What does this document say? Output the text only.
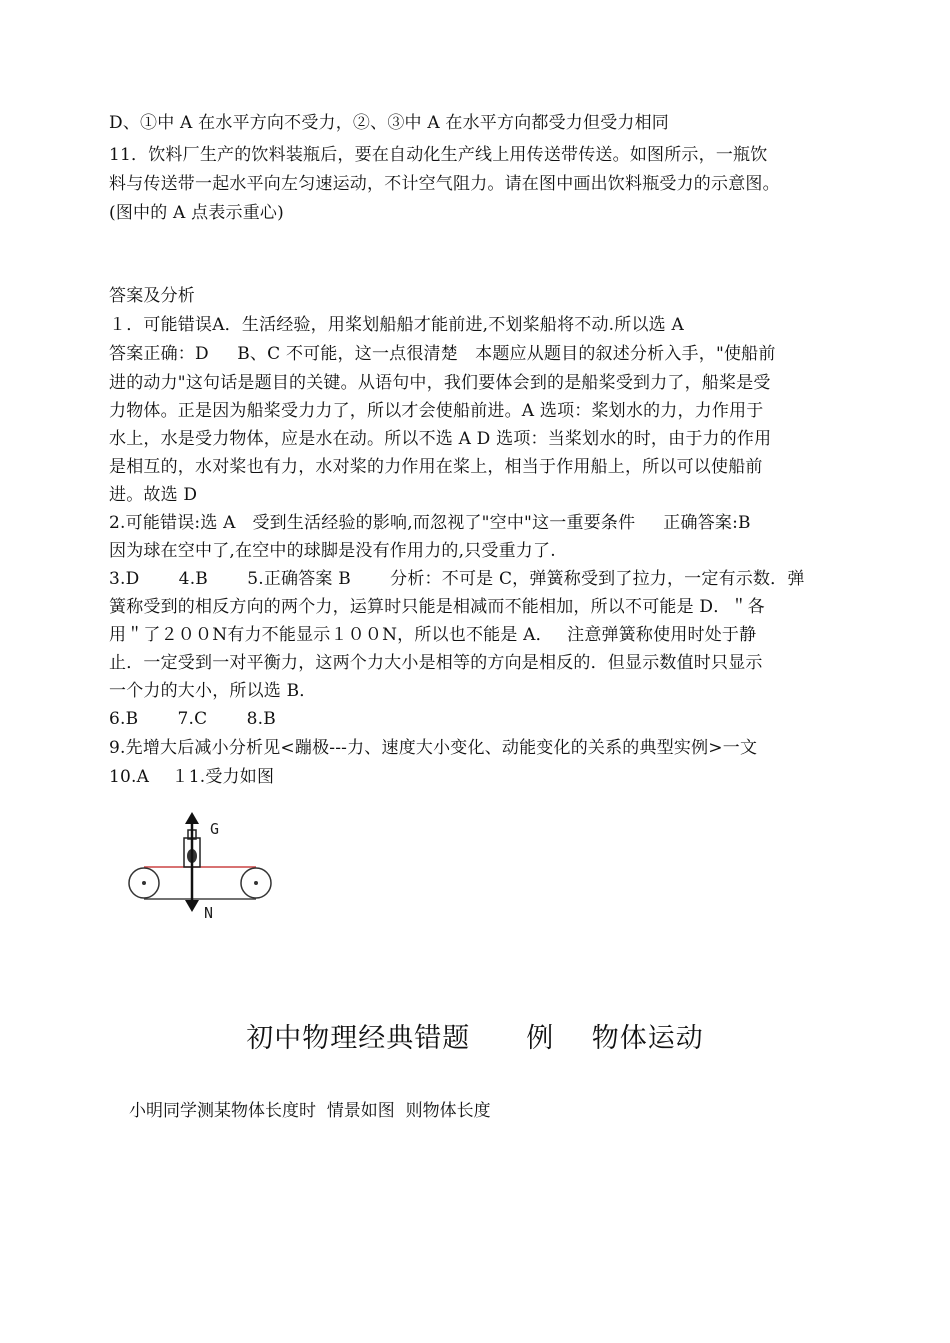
D、①中 A 在水平方向不受力，②、③中 A 在水平方向都受力但受力相同
11．饮料厂生产的饮料装瓶后，要在自动化生产线上用传送带传送。如图所示，一瓶饮
料与传送带一起水平向左匀速运动，不计空气阻力。请在图中画出饮料瓶受力的示意图。
(图中的 A 点表示重心)
答案及分析
１．可能错误A．生活经验，用桨划船船才能前进,不划桨船将不动.所以选 A
答案正确：D　  B、C 不可能，这一点很清楚　本题应从题目的叙述分析入手，"使船前
进的动力"这句话是题目的关键。从语句中，我们要体会到的是船桨受到力了，船桨是受
力物体。正是因为船桨受力力了，所以才会使船前进。A 选项：桨划水的力，力作用于
水上，水是受力物体，应是水在动。所以不选 A D 选项：当桨划水的时，由于力的作用
是相互的，水对桨也有力，水对桨的力作用在桨上，相当于作用船上，所以可以使船前
进。故选 D
2.可能错误:选 A   受到生活经验的影响,而忽视了"空中"这一重要条件     正确答案:B
因为球在空中了,在空中的球脚是没有作用力的,只受重力了.
3.D       4.B       5.正确答案 B       分析：不可是 C，弹簧称受到了拉力，一定有示数．弹
簧称受到的相反方向的两个力，运算时只能是相减而不能相加，所以不可能是 D．＂各
用＂了２００N有力不能显示１００N，所以也不能是 A．　 注意弹簧称使用时处于静
止．一定受到一对平衡力，这两个力大小是相等的方向是相反的．但显示数值时只显示
一个力的大小，所以选 B．
6.B       7.C       8.B
9.先增大后减小分析见<蹦极---力、速度大小变化、动能变化的关系的典型实例>一文
10.A    １1.受力如图
G
N
初中物理经典错题　　例　 物体运动
小明同学测某物体长度时  情景如图  则物体长度
